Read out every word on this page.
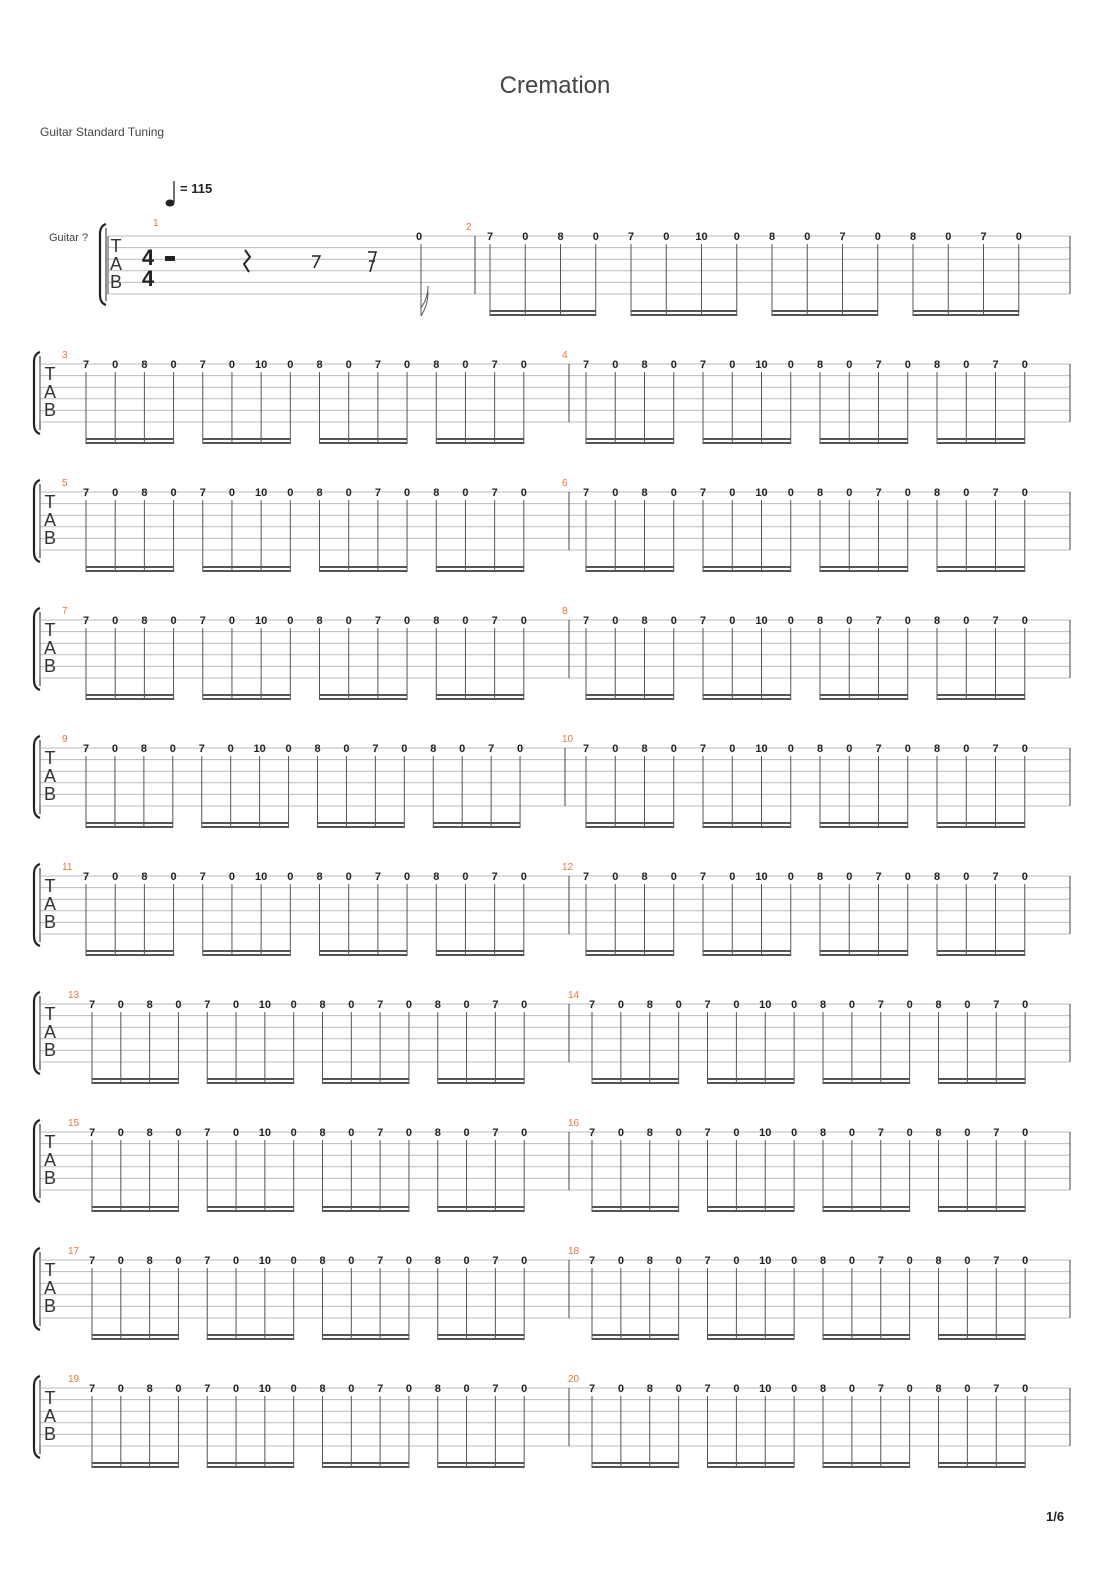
Cremation
Guitar Standard Tuning
1/6
= 115
Guitar ? T
A
B
4
4
1
0
2
7	0	8	0	7	0 10 0	8	0	7	0	8	0	7	0
T
A
B
3
7 0 8 0 7 0 10 0 8 0 7 0 8 0 7 0
4
7 0 8 0 7 0 10 0 8 0 7 0 8 0 7 0
T
A
B
5
7 0 8 0 7 0 10 0 8 0 7 0 8 0 7 0
6
7 0 8 0 7 0 10 0 8 0 7 0 8 0 7 0
T
A
B
7
7 0 8 0 7 0 10 0 8 0 7 0 8 0 7 0
8
7 0 8 0 7 0 10 0 8 0 7 0 8 0 7 0
T
A
B
9
7 0 8 0 7 0 10 0 8 0 7 0 8 0 7 0
10
7 0 8 0 7 0 10 0 8 0 7 0 8 0 7 0
T
A
B
11
7 0 8 0 7 0 10 0 8 0 7 0 8 0 7 0
12
7 0 8 0 7 0 10 0 8 0 7 0 8 0 7 0
T
A
B
13
7 0 8 0 7 0 10 0 8 0 7 0 8 0 7 0
14
7 0 8 0 7 0 10 0 8 0 7 0 8 0 7 0
T
A
B
15
7 0 8 0 7 0 10 0 8 0 7 0 8 0 7 0
16
7 0 8 0 7 0 10 0 8 0 7 0 8 0 7 0
T
A
B
17
7 0 8 0 7 0 10 0 8 0 7 0 8 0 7 0
18
7 0 8 0 7 0 10 0 8 0 7 0 8 0 7 0
T
A
B
19
7 0 8 0 7 0 10 0 8 0 7 0 8 0 7 0
20
7 0 8 0 7 0 10 0 8 0 7 0 8 0 7 0
